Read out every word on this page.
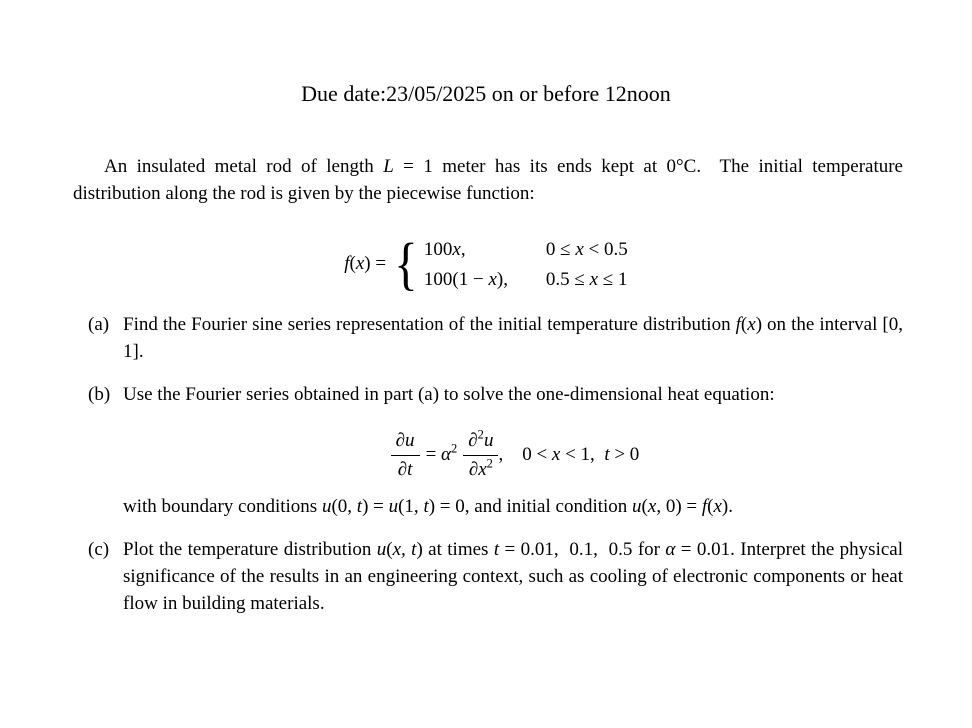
Due date:23/05/2025 on or before 12noon
An insulated metal rod of length L = 1 meter has its ends kept at 0°C.  The initial temperature distribution along the rod is given by the piecewise function:
f(x) = { 100x,	0 ≤ x < 0.5
100(1 − x),	0.5 ≤ x ≤ 1
(a) Find the Fourier sine series representation of the initial temperature distribution f(x) on the interval [0, 1].
(b) Use the Fourier series obtained in part (a) to solve the one-dimensional heat equation:
$\frac{\partial u}{\partial t} = \alpha^2 \frac{\partial^2u}{\partial x^2}$ ,    0 < x < 1,  t > 0
with boundary conditions u(0, t) = u(1, t) = 0, and initial condition u(x, 0) = f(x).
(c) Plot the temperature distribution u(x, t) at times t = 0.01,  0.1,  0.5 for α = 0.01. Interpret the physical significance of the results in an engineering context, such as cooling of electronic components or heat flow in building materials.
